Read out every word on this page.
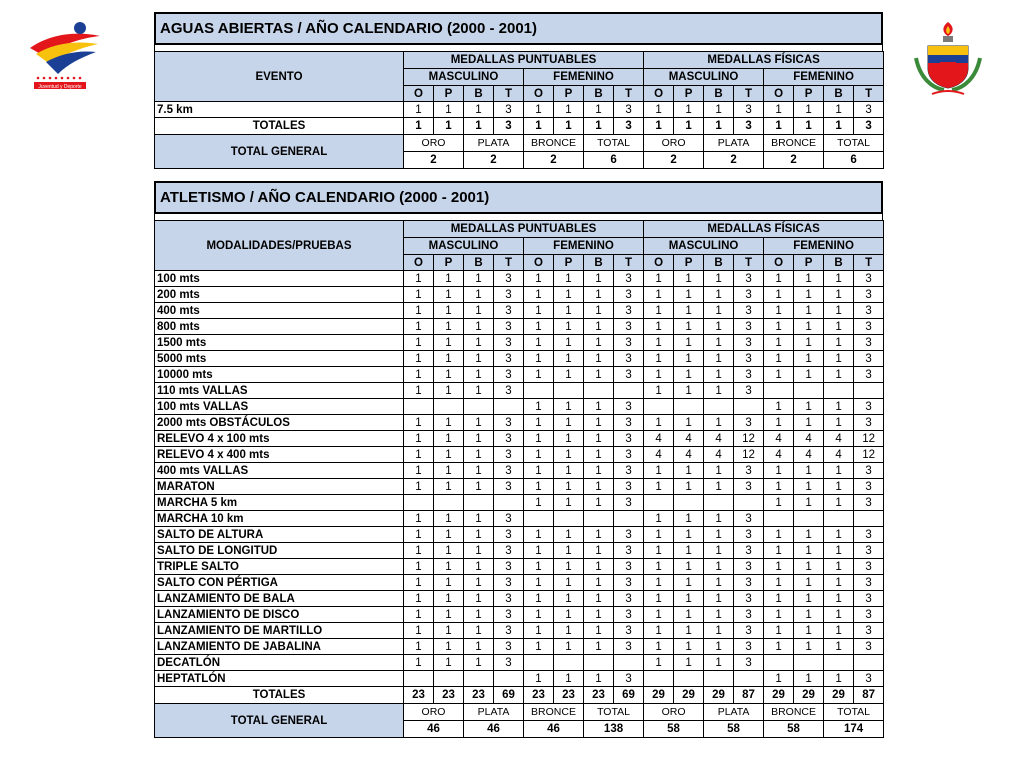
Juventud y Deporte
AGUAS ABIERTAS / AÑO CALENDARIO (2000 - 2001)
EVENTO	MEDALLAS PUNTUABLES								MEDALLAS FÍSICAS							
	MASCULINO				FEMENINO				MASCULINO				FEMENINO			
	O	P	B	T	O	P	B	T	O	P	B	T	O	P	B	T
7.5 km	1	1	1	3	1	1	1	3	1	1	1	3	1	1	1	3
TOTALES	1	1	1	3	1	1	1	3	1	1	1	3	1	1	1	3
TOTAL GENERAL	ORO		PLATA		BRONCE		TOTAL		ORO		PLATA		BRONCE		TOTAL	
	2		2		2		6		2		2		2		6	
ATLETISMO / AÑO CALENDARIO (2000 - 2001)
MODALIDADES/PRUEBAS	MEDALLAS PUNTUABLES								MEDALLAS FÍSICAS							
	MASCULINO				FEMENINO				MASCULINO				FEMENINO			
	O	P	B	T	O	P	B	T	O	P	B	T	O	P	B	T
100 mts	1	1	1	3	1	1	1	3	1	1	1	3	1	1	1	3
200 mts	1	1	1	3	1	1	1	3	1	1	1	3	1	1	1	3
400 mts	1	1	1	3	1	1	1	3	1	1	1	3	1	1	1	3
800 mts	1	1	1	3	1	1	1	3	1	1	1	3	1	1	1	3
1500 mts	1	1	1	3	1	1	1	3	1	1	1	3	1	1	1	3
5000 mts	1	1	1	3	1	1	1	3	1	1	1	3	1	1	1	3
10000 mts	1	1	1	3	1	1	1	3	1	1	1	3	1	1	1	3
110 mts VALLAS	1	1	1	3					1	1	1	3				
100 mts VALLAS					1	1	1	3					1	1	1	3
2000 mts OBSTÁCULOS	1	1	1	3	1	1	1	3	1	1	1	3	1	1	1	3
RELEVO 4 x 100 mts	1	1	1	3	1	1	1	3	4	4	4	12	4	4	4	12
RELEVO 4 x 400 mts	1	1	1	3	1	1	1	3	4	4	4	12	4	4	4	12
400 mts VALLAS	1	1	1	3	1	1	1	3	1	1	1	3	1	1	1	3
MARATON	1	1	1	3	1	1	1	3	1	1	1	3	1	1	1	3
MARCHA 5 km					1	1	1	3					1	1	1	3
MARCHA 10 km	1	1	1	3					1	1	1	3				
SALTO DE ALTURA	1	1	1	3	1	1	1	3	1	1	1	3	1	1	1	3
SALTO DE LONGITUD	1	1	1	3	1	1	1	3	1	1	1	3	1	1	1	3
TRIPLE SALTO	1	1	1	3	1	1	1	3	1	1	1	3	1	1	1	3
SALTO CON PÉRTIGA	1	1	1	3	1	1	1	3	1	1	1	3	1	1	1	3
LANZAMIENTO DE BALA	1	1	1	3	1	1	1	3	1	1	1	3	1	1	1	3
LANZAMIENTO DE DISCO	1	1	1	3	1	1	1	3	1	1	1	3	1	1	1	3
LANZAMIENTO DE MARTILLO	1	1	1	3	1	1	1	3	1	1	1	3	1	1	1	3
LANZAMIENTO DE JABALINA	1	1	1	3	1	1	1	3	1	1	1	3	1	1	1	3
DECATLÓN	1	1	1	3					1	1	1	3				
HEPTATLÓN					1	1	1	3					1	1	1	3
TOTALES	23	23	23	69	23	23	23	69	29	29	29	87	29	29	29	87
TOTAL GENERAL	ORO		PLATA		BRONCE		TOTAL		ORO		PLATA		BRONCE		TOTAL	
	46		46		46		138		58		58		58		174	
